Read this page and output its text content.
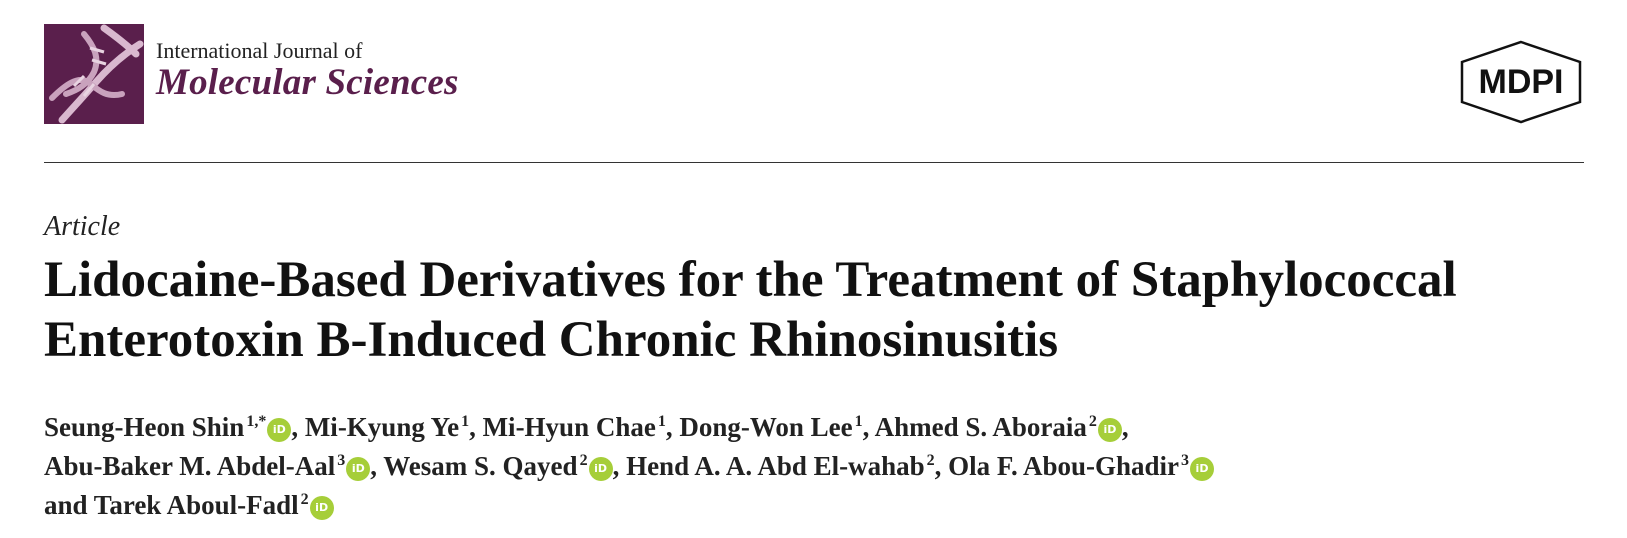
International Journal of
Molecular Sciences	MDPI
Article
Lidocaine-Based Derivatives for the Treatment of Staphylococcal
Enterotoxin B-Induced Chronic Rhinosinusitis
Seung-Heon Shin $^{1,*}$ iD , Mi-Kyung Ye $^1$, Mi-Hyun Chae $^1$, Dong-Won Lee $^1$, Ahmed S. Aboraia $^2$ iD ,
Abu-Baker M. Abdel-Aal $^3$ iD , Wesam S. Qayed $^2$ iD , Hend A. A. Abd El-wahab $^2$, Ola F. Abou-Ghadir $^3$ iD
and Tarek Aboul-Fadl $^2$ iD
